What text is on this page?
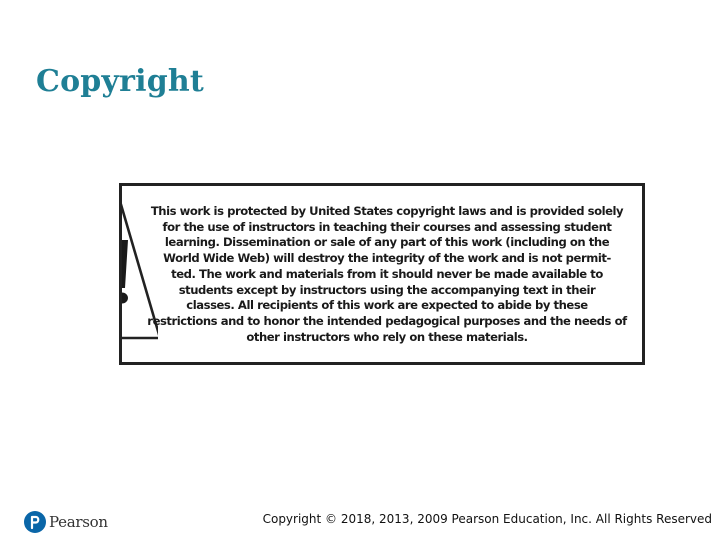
Copyright
This work is protected by United States copyright laws and is provided solely
for the use of instructors in teaching their courses and assessing student
learning. Dissemination or sale of any part of this work (including on the
World Wide Web) will destroy the integrity of the work and is not permit-
ted. The work and materials from it should never be made available to
students except by instructors using the accompanying text in their
classes. All recipients of this work are expected to abide by these
restrictions and to honor the intended pedagogical purposes and the needs of
other instructors who rely on these materials.
Pearson	Copyright © 2018, 2013, 2009 Pearson Education, Inc. All Rights Reserved
